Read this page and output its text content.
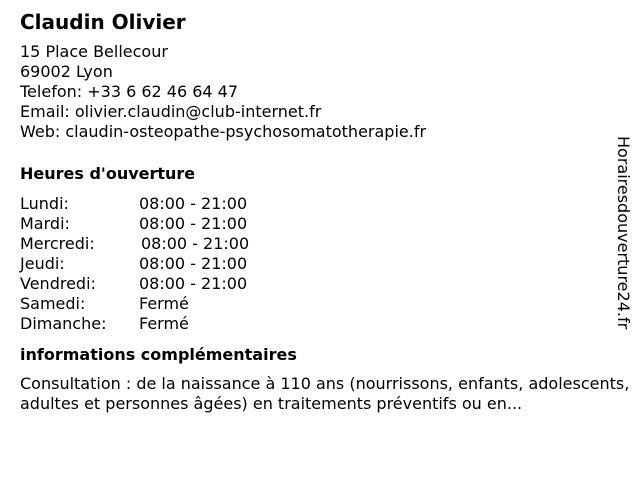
Claudin Olivier
15 Place Bellecour
69002 Lyon
Telefon: +33 6 62 46 64 47
Email: olivier.claudin@club-internet.fr
Web: claudin-osteopathe-psychosomatotherapie.fr
Heures d'ouverture
Lundi:	08:00 - 21:00
Mardi:	08:00 - 21:00
Mercredi:	08:00 - 21:00
Jeudi:	08:00 - 21:00
Vendredi:	08:00 - 21:00
Samedi:	Fermé
Dimanche:	Fermé
informations complémentaires
Consultation : de la naissance à 110 ans (nourrissons, enfants, adolescents, adultes et personnes âgées) en traitements préventifs ou en...
Horairesdouverture24.fr
